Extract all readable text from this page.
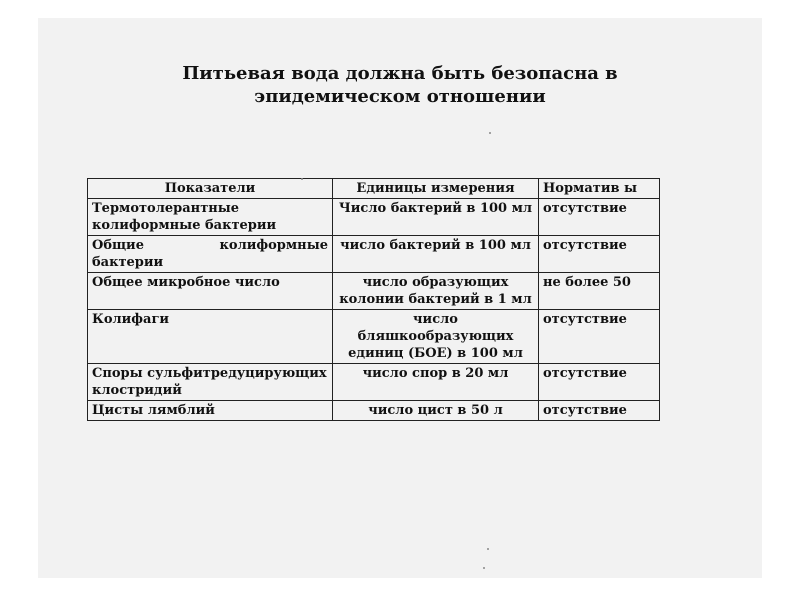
Питьевая вода должна быть безопасна в
эпидемическом отношении
Показатели	Единицы измерения	Норматив ы
Термотолерантные колиформные бактерии	Число бактерий в 100 мл	отсутствие
Общие колиформные бактерии	число бактерий в 100 мл	отсутствие
Общее микробное число	число образующих колонии бактерий в 1 мл	не более 50
Колифаги	число бляшкообразующих единиц (БОЕ) в 100 мл	отсутствие
Споры сульфитредуцирующих клостридий	число спор в 20 мл	отсутствие
Цисты лямблий	число цист в 50 л	отсутствие
